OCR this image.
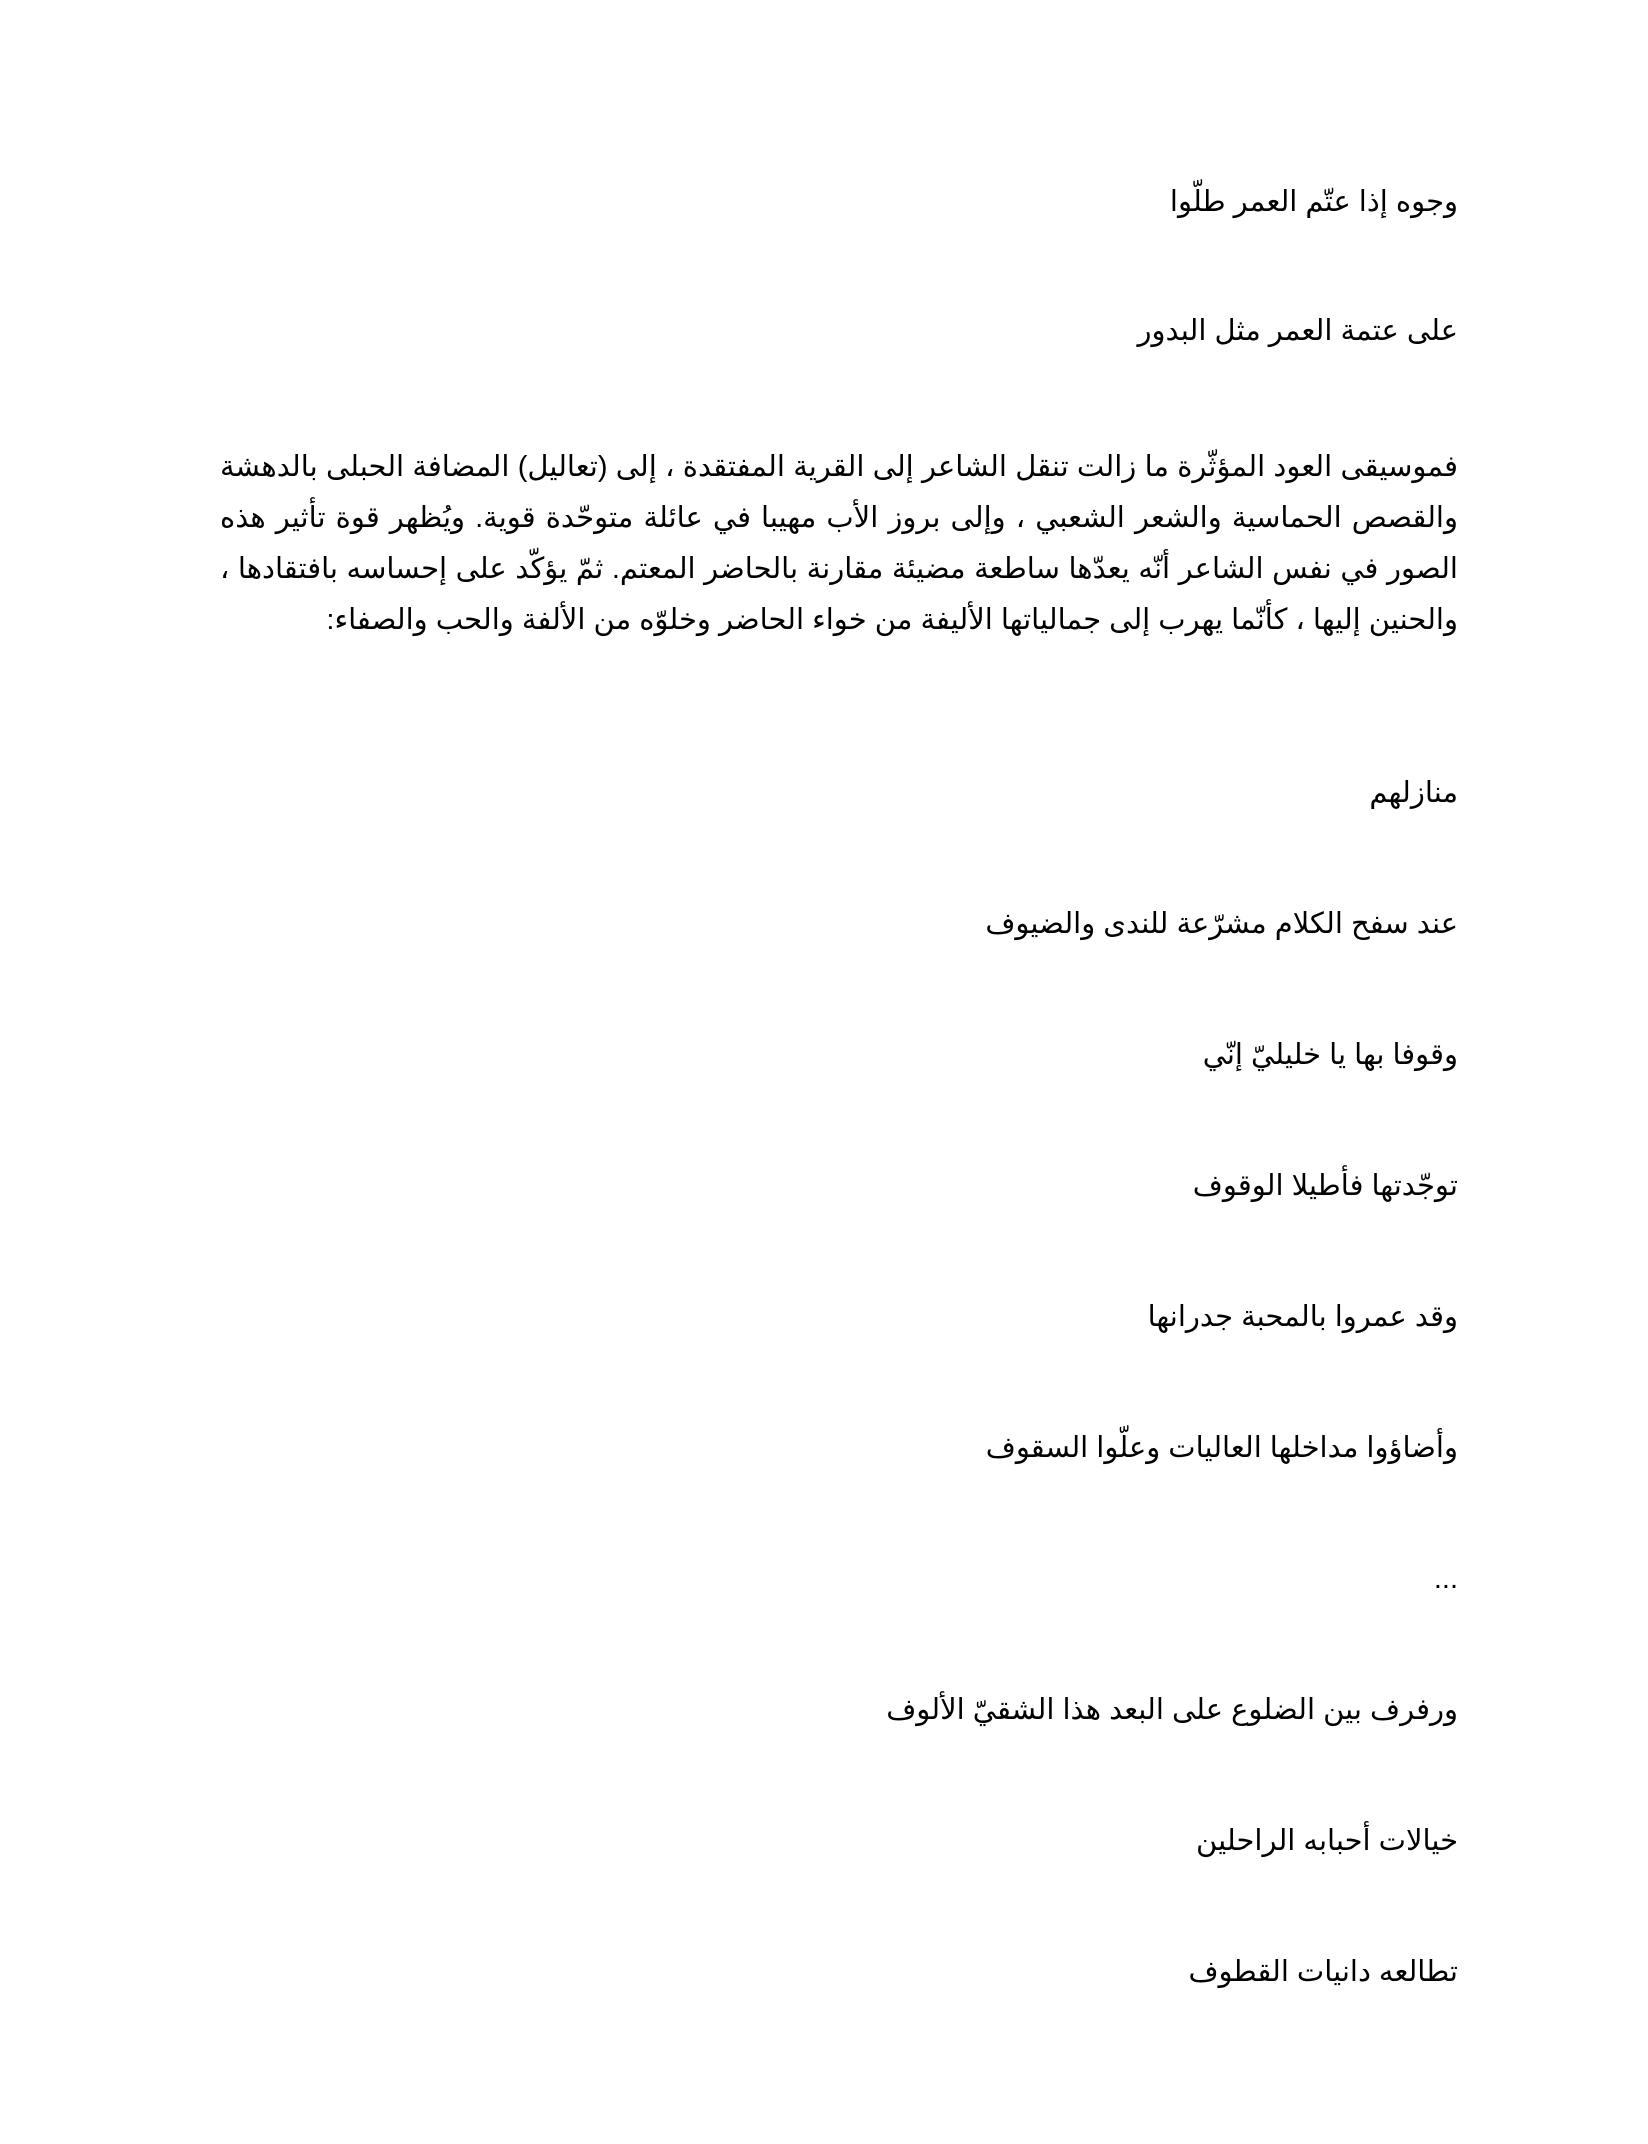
وجوه إذا عتّم العمر طلّوا

على عتمة العمر مثل البدور

فموسيقى العود المؤثّرة ما زالت تنقل الشاعر إلى القرية المفتقدة ، إلى (تعاليل) المضافة الحبلى بالدهشة
والقصص الحماسية والشعر الشعبي ، وإلى بروز الأب مهيبا في عائلة متوحّدة قوية. ويُظهر قوة تأثير هذه
الصور في نفس الشاعر أنّه يعدّها ساطعة مضيئة مقارنة بالحاضر المعتم. ثمّ يؤكّد على إحساسه بافتقادها ،
والحنين إليها ، كأنّما يهرب إلى جمالياتها الأليفة من خواء الحاضر وخلوّه من الألفة والحب والصفاء:

منازلهم

عند سفح الكلام مشرّعة للندى والضيوف

وقوفا بها يا خليليّ إنّي

توجّدتها فأطيلا الوقوف

وقد عمروا بالمحبة جدرانها

وأضاؤوا مداخلها العاليات وعلّوا السقوف

...

ورفرف بين الضلوع على البعد هذا الشقيّ الألوف

خيالات أحبابه الراحلين

تطالعه دانيات القطوف
